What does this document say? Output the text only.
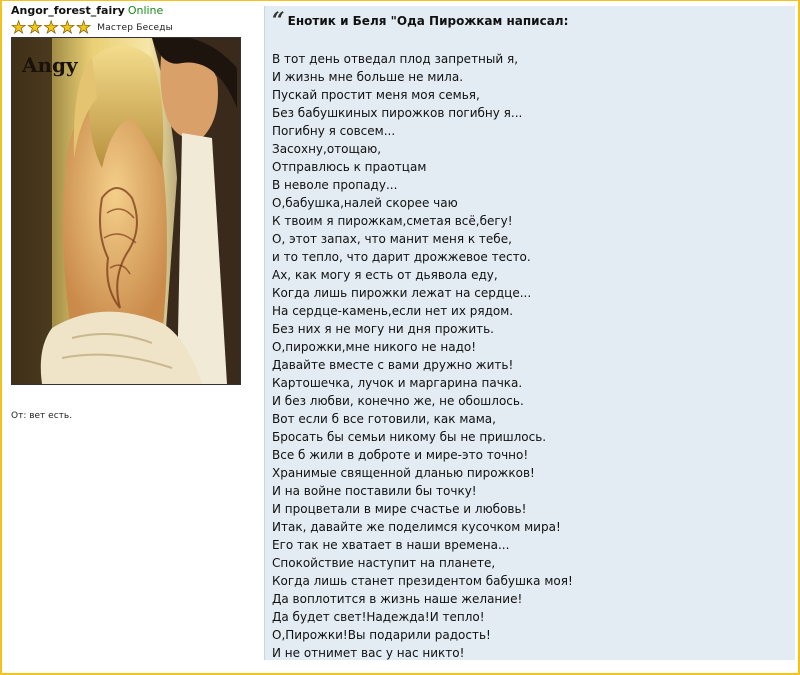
Angor_forest_fairy Online
★ ★ ★ ★ ★ Мастер Беседы
Angy
От: вет есть.
“ Енотик и Беля "Ода Пирожкам написал:
В тот день отведал плод запретный я,
И жизнь мне больше не мила.
Пускай простит меня моя семья,
Без бабушкиных пирожков погибну я...
Погибну я совсем...
Засохну,отощаю,
Отправлюсь к праотцам
В неволе пропаду...
О,бабушка,налей скорее чаю
К твоим я пирожкам,сметая всё,бегу!
О, этот запах, что манит меня к тебе,
и то тепло, что дарит дрожжевое тесто.
Ах, как могу я есть от дьявола еду,
Когда лишь пирожки лежат на сердце...
На сердце-камень,если нет их рядом.
Без них я не могу ни дня прожить.
О,пирожки,мне никого не надо!
Давайте вместе с вами дружно жить!
Картошечка, лучок и маргарина пачка.
И без любви, конечно же, не обошлось.
Вот если б все готовили, как мама,
Бросать бы семьи никому бы не пришлось.
Все б жили в доброте и мире-это точно!
Хранимые священной дланью пирожков!
И на войне поставили бы точку!
И процветали в мире счастье и любовь!
Итак, давайте же поделимся кусочком мира!
Его так не хватает в наши времена...
Спокойствие наступит на планете,
Когда лишь станет президентом бабушка моя!
Да воплотится в жизнь наше желание!
Да будет свет!Надежда!И тепло!
О,Пирожки!Вы подарили радость!
И не отнимет вас у нас никто!
